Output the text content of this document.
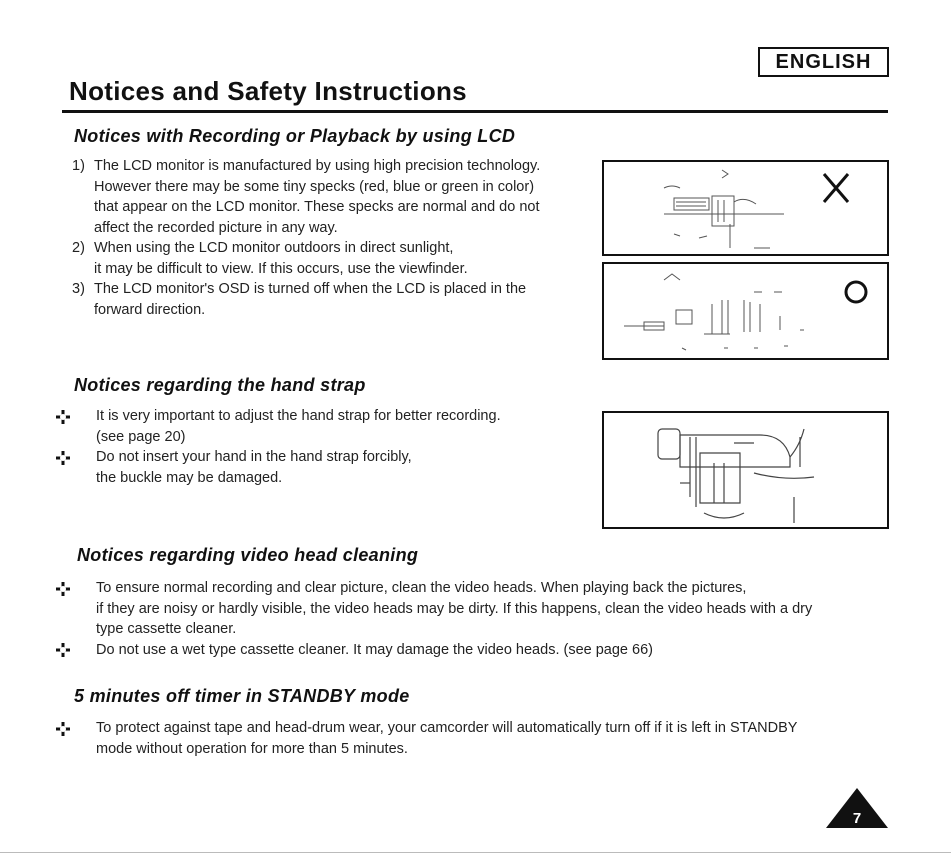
ENGLISH
Notices and Safety Instructions
Notices with Recording or Playback by using LCD
1) The LCD monitor is manufactured by using high precision technology.
However there may be some tiny specks (red, blue or green in color)
that appear on the LCD monitor. These specks are normal and do not
affect the recorded picture in any way.
2) When using the LCD monitor outdoors in direct sunlight,
it may be difficult to view. If this occurs, use the viewfinder.
3) The LCD monitor's OSD is turned off when the LCD is placed in the
forward direction.
Notices regarding the hand strap
It is very important to adjust the hand strap for better recording.
(see page 20)
Do not insert your hand in the hand strap forcibly,
the buckle may be damaged.
Notices regarding video head cleaning
To ensure normal recording and clear picture, clean the video heads. When playing back the pictures,
if they are noisy or hardly visible, the video heads may be dirty. If this happens, clean the video heads with a dry
type cassette cleaner.
Do not use a wet type cassette cleaner. It may damage the video heads. (see page 66)
5 minutes off timer in STANDBY mode
To protect against tape and head-drum wear, your camcorder will automatically turn off if it is left in STANDBY
mode without operation for more than 5 minutes.
7
